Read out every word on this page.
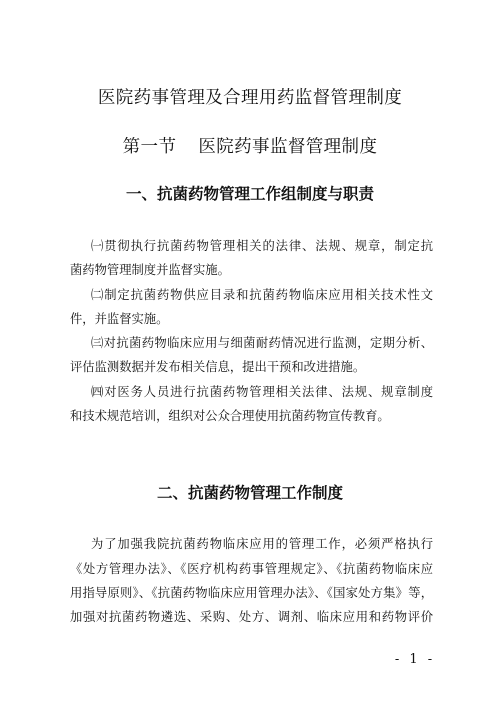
医院药事管理及合理用药监督管理制度
第一节 医院药事监督管理制度
一、抗菌药物管理工作组制度与职责
㈠贯彻执行抗菌药物管理相关的法律、法规、规章，制定抗
菌药物管理制度并监督实施。
㈡制定抗菌药物供应目录和抗菌药物临床应用相关技术性文
件，并监督实施。
㈢对抗菌药物临床应用与细菌耐药情况进行监测，定期分析、
评估监测数据并发布相关信息，提出干预和改进措施。
㈣对医务人员进行抗菌药物管理相关法律、法规、规章制度
和技术规范培训，组织对公众合理使用抗菌药物宣传教育。
二、抗菌药物管理工作制度
为了加强我院抗菌药物临床应用的管理工作，必须严格执行
《处方管理办法》、《医疗机构药事管理规定》、《抗菌药物临床应
用指导原则》、《抗菌药物临床应用管理办法》、《国家处方集》等，
加强对抗菌药物遴选、采购、处方、调剂、临床应用和药物评价
- 1 -
